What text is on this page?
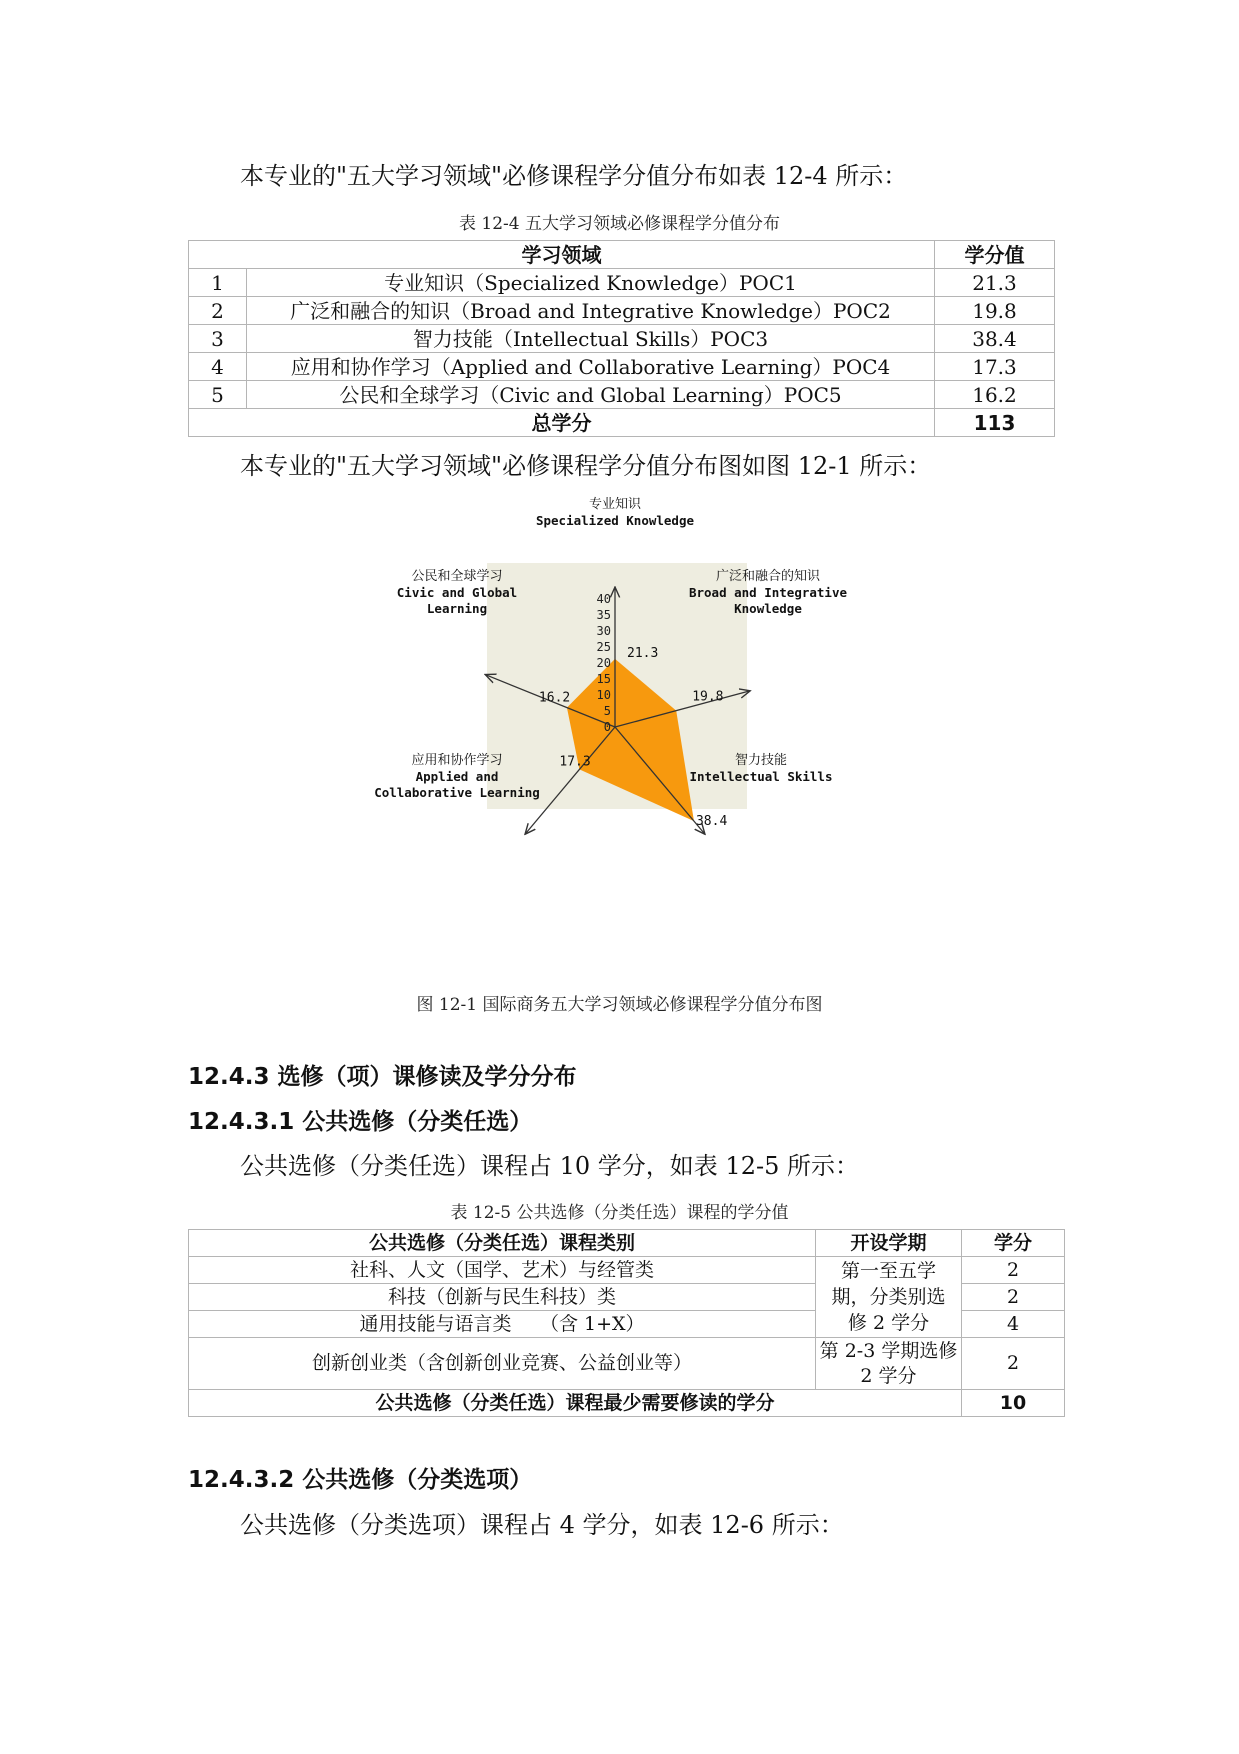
本专业的"五大学习领域"必修课程学分值分布如表 12-4 所示：

表 12-4 五大学习领域必修课程学分值分布

学习领域		学分值
1	专业知识（Specialized Knowledge）POC1	21.3
2	广泛和融合的知识（Broad and Integrative Knowledge）POC2	19.8
3	智力技能（Intellectual Skills）POC3	38.4
4	应用和协作学习（Applied and Collaborative Learning）POC4	17.3
5	公民和全球学习（Civic and Global Learning）POC5	16.2
总学分		113

本专业的"五大学习领域"必修课程学分值分布图如图 12-1 所示：

0
5
10
15
20
25
30
35
40
21.3
19.8
38.4
17.3
16.2
专业知识
Specialized Knowledge
广泛和融合的知识
Broad and Integrative
Knowledge
智力技能
Intellectual Skills
应用和协作学习
Applied and
Collaborative Learning
公民和全球学习
Civic and Global
Learning

图 12-1 国际商务五大学习领域必修课程学分值分布图

12.4.3 选修（项）课修读及学分分布
12.4.3.1 公共选修（分类任选）

公共选修（分类任选）课程占 10 学分，如表 12-5 所示：

表 12-5 公共选修（分类任选）课程的学分值

公共选修（分类任选）课程类别	开设学期	学分
社科、人文（国学、艺术）与经管类	第一至五学
期，分类别选
修 2 学分	2
科技（创新与民生科技）类		2
通用技能与语言类　　（含 1+X）		4
创新创业类（含创新创业竞赛、公益创业等）	第 2-3 学期选修
2 学分	2
公共选修（分类任选）课程最少需要修读的学分		10
12.4.3.2 公共选修（分类选项）

公共选修（分类选项）课程占 4 学分，如表 12-6 所示：
